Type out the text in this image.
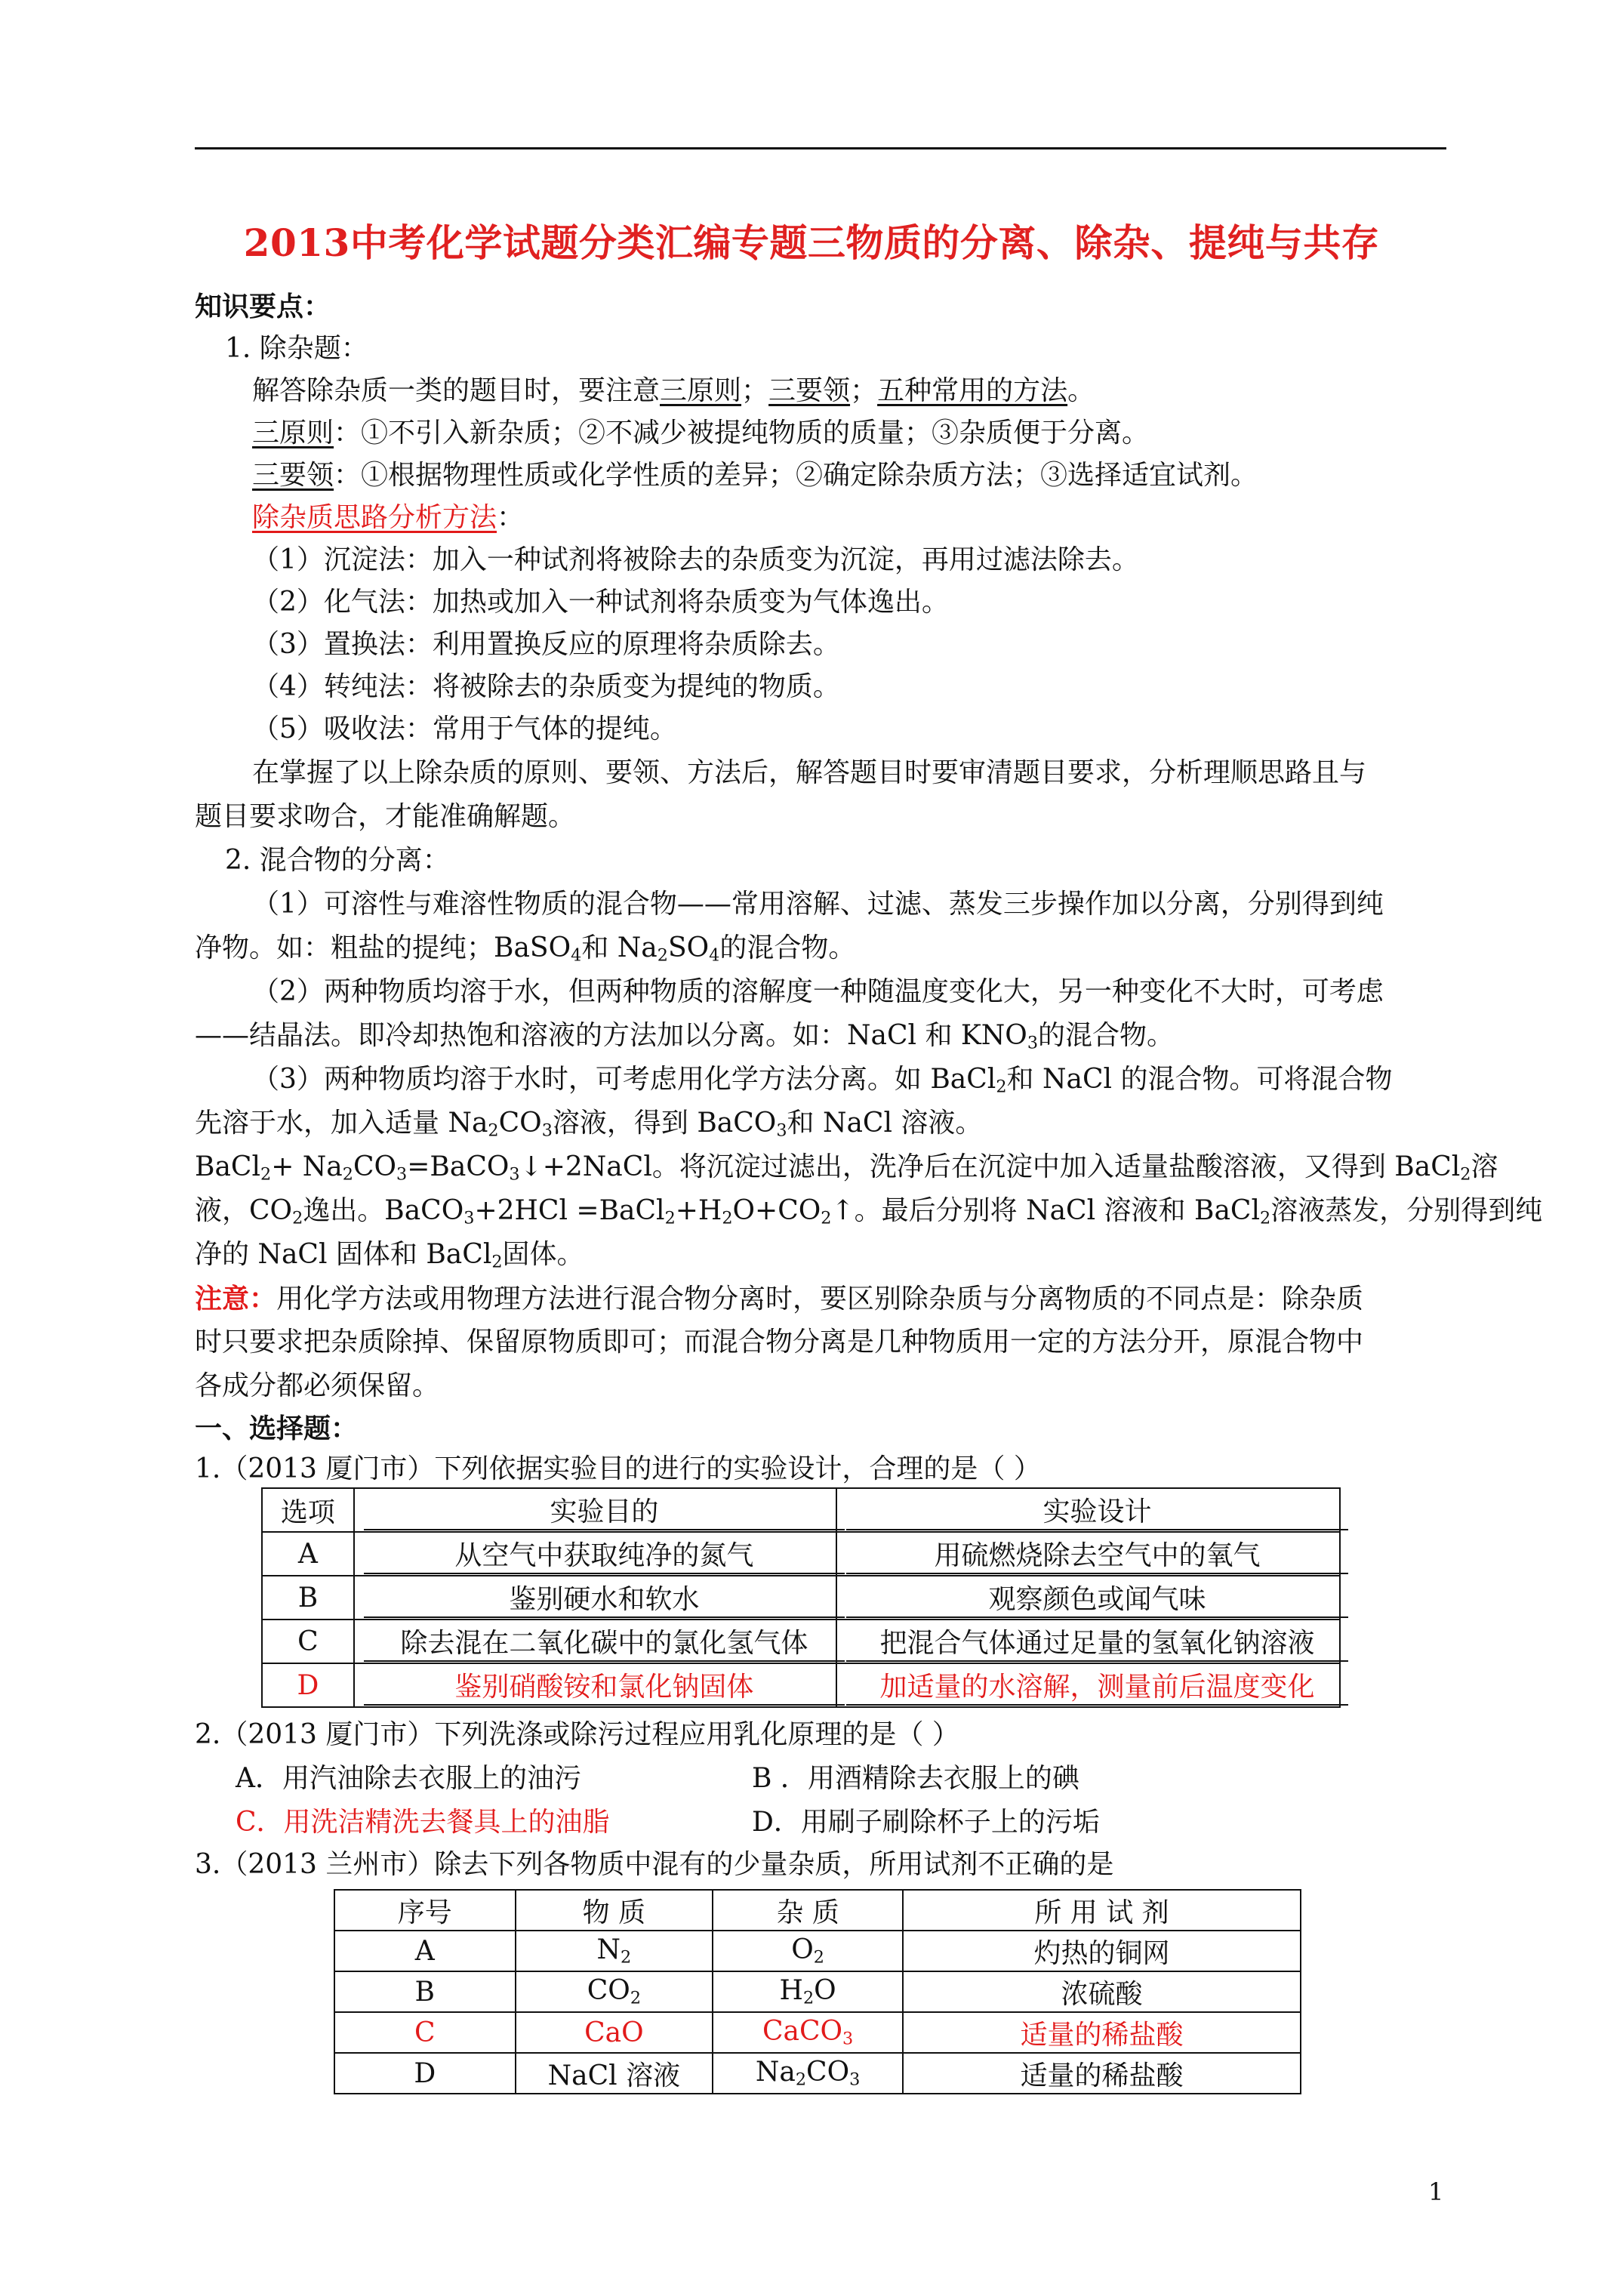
2013中考化学试题分类汇编专题三物质的分离、除杂、提纯与共存
知识要点：
1. 除杂题：
解答除杂质一类的题目时，要注意三原则；三要领；五种常用的方法。
三原则：①不引入新杂质；②不减少被提纯物质的质量；③杂质便于分离。
三要领：①根据物理性质或化学性质的差异；②确定除杂质方法；③选择适宜试剂。
除杂质思路分析方法：
（1）沉淀法：加入一种试剂将被除去的杂质变为沉淀，再用过滤法除去。
（2）化气法：加热或加入一种试剂将杂质变为气体逸出。
（3）置换法：利用置换反应的原理将杂质除去。
（4）转纯法：将被除去的杂质变为提纯的物质。
（5）吸收法：常用于气体的提纯。
在掌握了以上除杂质的原则、要领、方法后，解答题目时要审清题目要求，分析理顺思路且与
题目要求吻合，才能准确解题。
2. 混合物的分离：
（1）可溶性与难溶性物质的混合物——常用溶解、过滤、蒸发三步操作加以分离，分别得到纯
净物。如：粗盐的提纯；BaSO$_4$和 $Na_2SO_4$的混合物。
（2）两种物质均溶于水，但两种物质的溶解度一种随温度变化大，另一种变化不大时，可考虑
——结晶法。即冷却热饱和溶液的方法加以分离。如：NaCl 和 $KNO_3$的混合物。
（3）两种物质均溶于水时，可考虑用化学方法分离。如 BaCl$_2$和 NaCl 的混合物。可将混合物
先溶于水，加入适量 $Na_2CO_3$溶液，得到 BaCO$_3$和 NaCl 溶液。
BaCl$_2$+ $Na_2CO_3=BaCO_3↓+2NaCl$。将沉淀过滤出，洗净后在沉淀中加入适量盐酸溶液，又得到 BaCl$_2$溶
液，$CO_2$逸出。BaCO$_3$+2HCl $=BaCl_2+H_2O+CO_2↑$。最后分别将 NaCl 溶液和 BaCl$_2$溶液蒸发，分别得到纯
净的 NaCl 固体和 BaCl$_2$固体。
注意：用化学方法或用物理方法进行混合物分离时，要区别除杂质与分离物质的不同点是：除杂质
时只要求把杂质除掉、保留原物质即可；而混合物分离是几种物质用一定的方法分开，原混合物中
各成分都必须保留。
一、选择题：
1.（2013 厦门市）下列依据实验目的进行的实验设计，合理的是（ ）
选项	实验目的	实验设计
A	从空气中获取纯净的氮气	用硫燃烧除去空气中的氧气
B	鉴别硬水和软水	观察颜色或闻气味
C	除去混在二氧化碳中的氯化氢气体	把混合气体通过足量的氢氧化钠溶液
D	鉴别硝酸铵和氯化钠固体	加适量的水溶解，测量前后温度变化
2.（2013 厦门市）下列洗涤或除污过程应用乳化原理的是（ ）
A．用汽油除去衣服上的油污	B ．用酒精除去衣服上的碘
C．用洗洁精洗去餐具上的油脂	D．用刷子刷除杯子上的污垢
3.（2013 兰州市）除去下列各物质中混有的少量杂质，所用试剂不正确的是
序号	物 质	杂 质	所 用 试 剂
A	$N_2$	$O_2$	灼热的铜网
B	$CO_2$	$H_2O$	浓硫酸
C	CaO	CaCO$_3$	适量的稀盐酸
D	NaCl 溶液	$Na_2CO_3$	适量的稀盐酸
1
